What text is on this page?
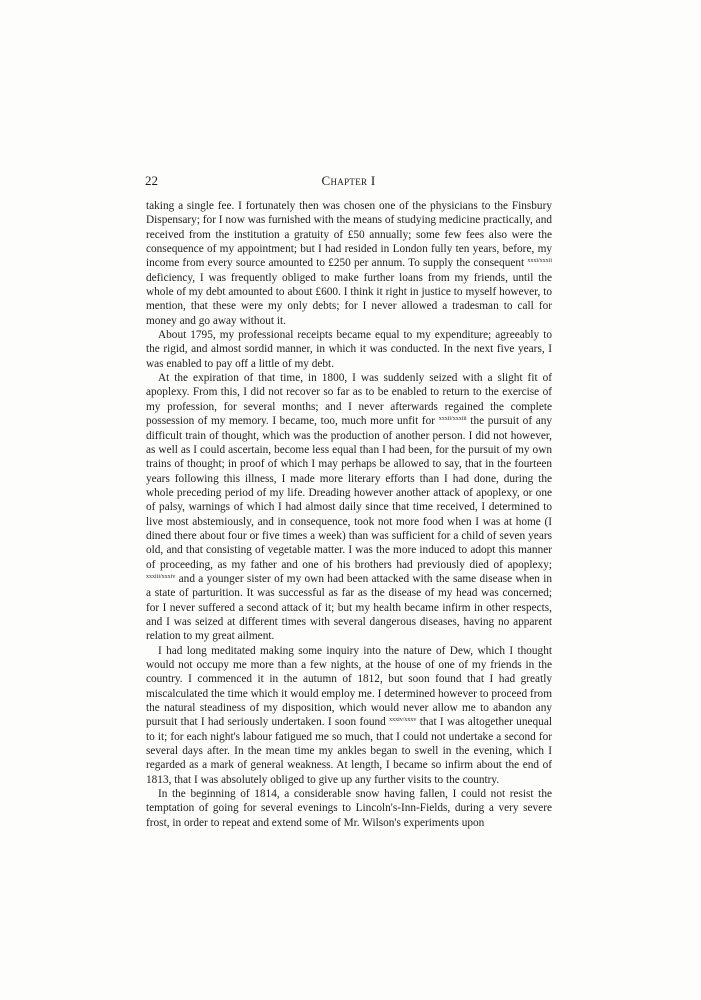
22	Chapter I

taking a single fee. I fortunately then was chosen one of the physicians to the Finsbury Dispensary; for I now was furnished with the means of studying medicine practically, and received from the institution a gratuity of £50 annually; some few fees also were the consequence of my appointment; but I had resided in London fully ten years, before, my income from every source amounted to £250 per annum. To supply the consequent $^{xxxi/xxxii}$ deficiency, I was frequently obliged to make further loans from my friends, until the whole of my debt amounted to about £600. I think it right in justice to myself however, to mention, that these were my only debts; for I never allowed a tradesman to call for money and go away without it.

About 1795, my professional receipts became equal to my expenditure; agreeably to the rigid, and almost sordid manner, in which it was conducted. In the next five years, I was enabled to pay off a little of my debt.

At the expiration of that time, in 1800, I was suddenly seized with a slight fit of apoplexy. From this, I did not recover so far as to be enabled to return to the exercise of my profession, for several months; and I never afterwards regained the complete possession of my memory. I became, too, much more unfit for $^{xxxii/xxxiii}$ the pursuit of any difficult train of thought, which was the production of another person. I did not however, as well as I could ascertain, become less equal than I had been, for the pursuit of my own trains of thought; in proof of which I may perhaps be allowed to say, that in the fourteen years following this illness, I made more literary efforts than I had done, during the whole preceding period of my life. Dreading however another attack of apoplexy, or one of palsy, warnings of which I had almost daily since that time received, I determined to live most abstemiously, and in consequence, took not more food when I was at home (I dined there about four or five times a week) than was sufficient for a child of seven years old, and that consisting of vegetable matter. I was the more induced to adopt this manner of proceeding, as my father and one of his brothers had previously died of apoplexy; $^{xxxiii/xxxiv}$ and a younger sister of my own had been attacked with the same disease when in a state of parturition. It was successful as far as the disease of my head was concerned; for I never suffered a second attack of it; but my health became infirm in other respects, and I was seized at different times with several dangerous diseases, having no apparent relation to my great ailment.

I had long meditated making some inquiry into the nature of Dew, which I thought would not occupy me more than a few nights, at the house of one of my friends in the country. I commenced it in the autumn of 1812, but soon found that I had greatly miscalculated the time which it would employ me. I determined however to proceed from the natural steadiness of my disposition, which would never allow me to abandon any pursuit that I had seriously undertaken. I soon found $^{xxxiv/xxxv}$ that I was altogether unequal to it; for each night's labour fatigued me so much, that I could not undertake a second for several days after. In the mean time my ankles began to swell in the evening, which I regarded as a mark of general weakness. At length, I became so infirm about the end of 1813, that I was absolutely obliged to give up any further visits to the country.

In the beginning of 1814, a considerable snow having fallen, I could not resist the temptation of going for several evenings to Lincoln's-Inn-Fields, during a very severe frost, in order to repeat and extend some of Mr. Wilson's experiments upon
